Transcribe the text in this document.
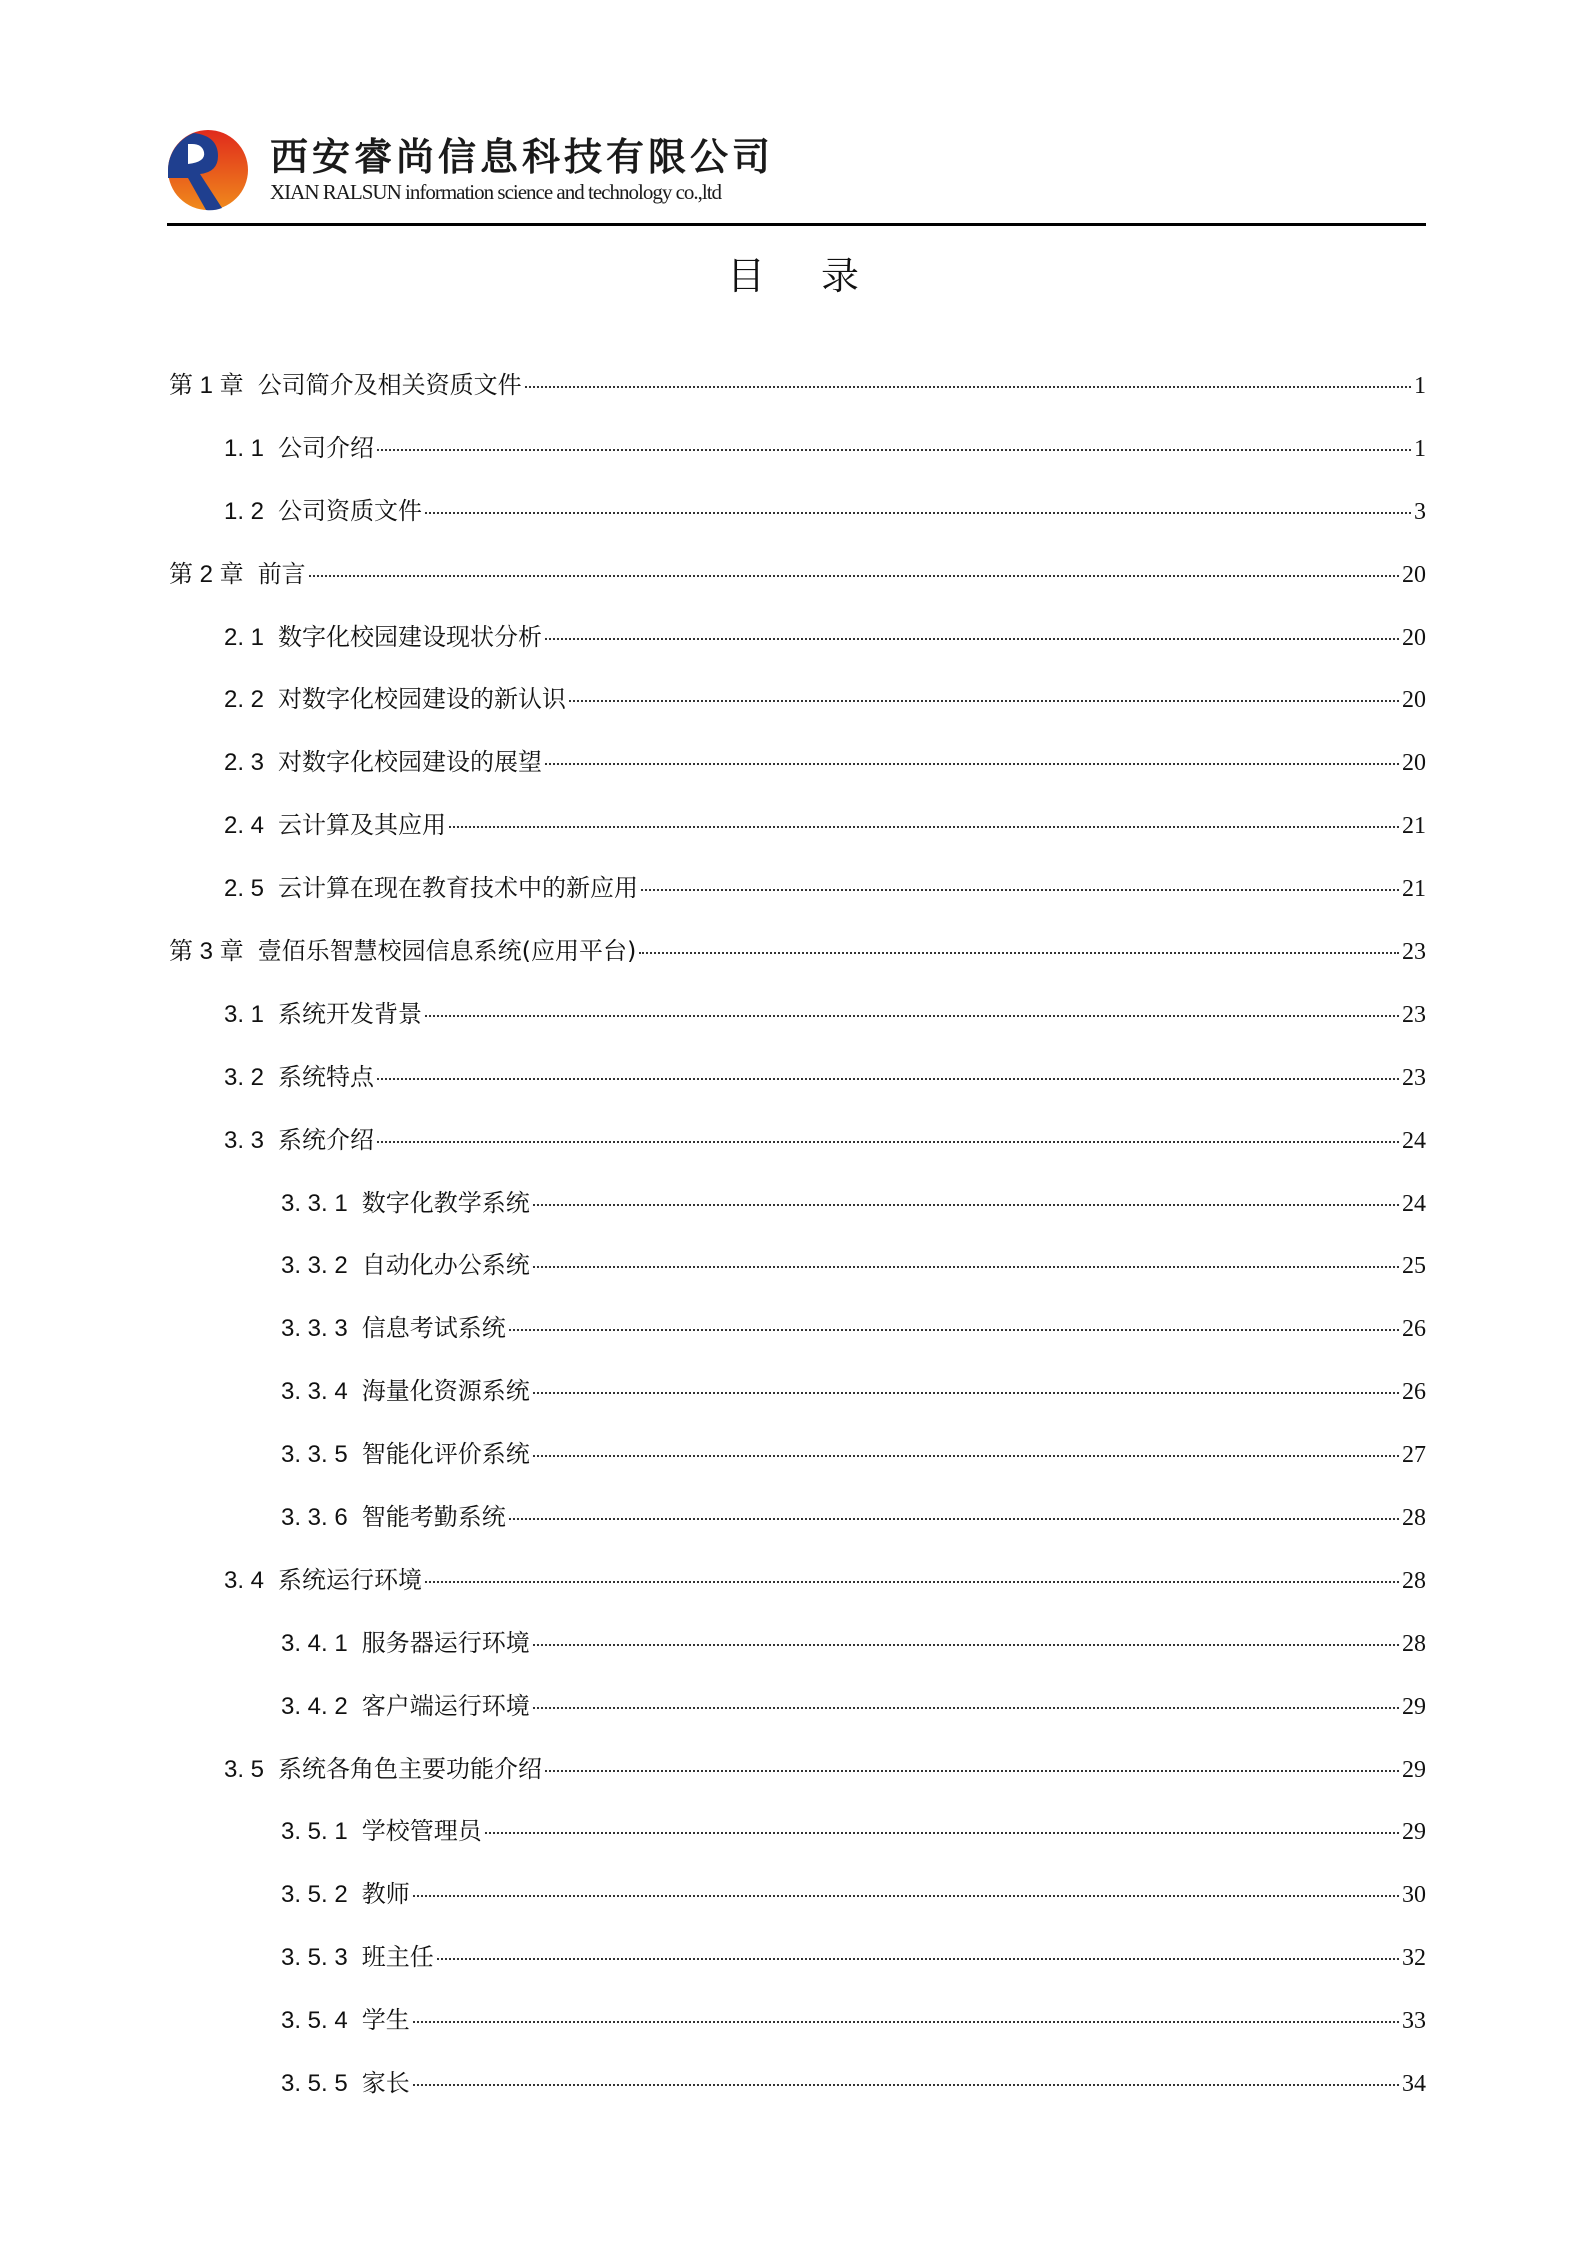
西安睿尚信息科技有限公司
XIAN RALSUN information science and technology co.,ltd
目 录
第 1 章 公司简介及相关资质文件	1
1. 1 公司介绍	1
1. 2 公司资质文件	3
第 2 章 前言	20
2. 1 数字化校园建设现状分析	20
2. 2 对数字化校园建设的新认识	20
2. 3 对数字化校园建设的展望	20
2. 4 云计算及其应用	21
2. 5 云计算在现在教育技术中的新应用	21
第 3 章 壹佰乐智慧校园信息系统(应用平台)	23
3. 1 系统开发背景	23
3. 2 系统特点	23
3. 3 系统介绍	24
3. 3. 1 数字化教学系统	24
3. 3. 2 自动化办公系统	25
3. 3. 3 信息考试系统	26
3. 3. 4 海量化资源系统	26
3. 3. 5 智能化评价系统	27
3. 3. 6 智能考勤系统	28
3. 4 系统运行环境	28
3. 4. 1 服务器运行环境	28
3. 4. 2 客户端运行环境	29
3. 5 系统各角色主要功能介绍	29
3. 5. 1 学校管理员	29
3. 5. 2 教师	30
3. 5. 3 班主任	32
3. 5. 4 学生	33
3. 5. 5 家长	34
